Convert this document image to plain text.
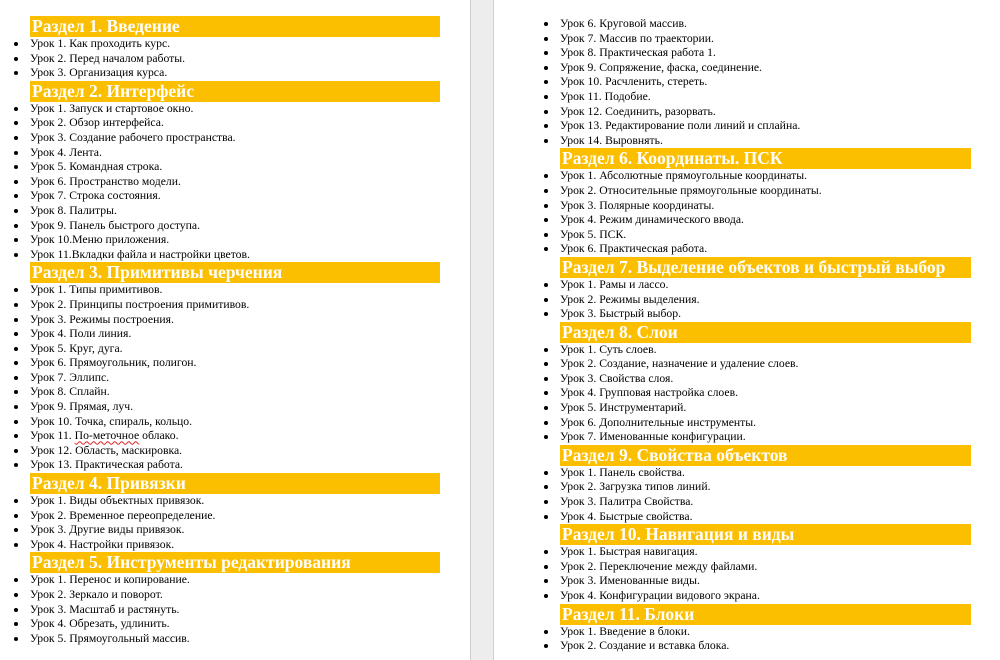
Раздел 1. Введение
Урок 1. Как проходить курс.
Урок 2. Перед началом работы.
Урок 3. Организация курса.
Раздел 2. Интерфейс
Урок 1. Запуск и стартовое окно.
Урок 2. Обзор интерфейса.
Урок 3. Создание рабочего пространства.
Урок 4. Лента.
Урок 5. Командная строка.
Урок 6. Пространство модели.
Урок 7. Строка состояния.
Урок 8. Палитры.
Урок 9. Панель быстрого доступа.
Урок 10.Меню приложения.
Урок 11.Вкладки файла и настройки цветов.
Раздел 3. Примитивы черчения
Урок 1. Типы примитивов.
Урок 2. Принципы построения примитивов.
Урок 3. Режимы построения.
Урок 4. Поли линия.
Урок 5. Круг, дуга.
Урок 6. Прямоугольник, полигон.
Урок 7. Эллипс.
Урок 8. Сплайн.
Урок 9. Прямая, луч.
Урок 10. Точка, спираль, кольцо.
Урок 11. По-меточное облако.
Урок 12. Область, маскировка.
Урок 13. Практическая работа.
Раздел 4. Привязки
Урок 1. Виды объектных привязок.
Урок 2. Временное переопределение.
Урок 3. Другие виды привязок.
Урок 4. Настройки привязок.
Раздел 5. Инструменты редактирования
Урок 1. Перенос и копирование.
Урок 2. Зеркало и поворот.
Урок 3. Масштаб и растянуть.
Урок 4. Обрезать, удлинить.
Урок 5. Прямоугольный массив.
Урок 6. Круговой массив.
Урок 7. Массив по траектории.
Урок 8. Практическая работа 1.
Урок 9. Сопряжение, фаска, соединение.
Урок 10. Расчленить, стереть.
Урок 11. Подобие.
Урок 12. Соединить, разорвать.
Урок 13. Редактирование поли линий и сплайна.
Урок 14. Выровнять.
Раздел 6. Координаты. ПСК
Урок 1. Абсолютные прямоугольные координаты.
Урок 2. Относительные прямоугольные координаты.
Урок 3. Полярные координаты.
Урок 4. Режим динамического ввода.
Урок 5. ПСК.
Урок 6. Практическая работа.
Раздел 7. Выделение объектов и быстрый выбор
Урок 1. Рамы и лассо.
Урок 2. Режимы выделения.
Урок 3. Быстрый выбор.
Раздел 8. Слои
Урок 1. Суть слоев.
Урок 2. Создание, назначение и удаление слоев.
Урок 3. Свойства слоя.
Урок 4. Групповая настройка слоев.
Урок 5. Инструментарий.
Урок 6. Дополнительные инструменты.
Урок 7. Именованные конфигурации.
Раздел 9. Свойства объектов
Урок 1. Панель свойства.
Урок 2. Загрузка типов линий.
Урок 3. Палитра Свойства.
Урок 4. Быстрые свойства.
Раздел 10. Навигация и виды
Урок 1. Быстрая навигация.
Урок 2. Переключение между файлами.
Урок 3. Именованные виды.
Урок 4. Конфигурации видового экрана.
Раздел 11. Блоки
Урок 1. Введение в блоки.
Урок 2. Создание и вставка блока.
